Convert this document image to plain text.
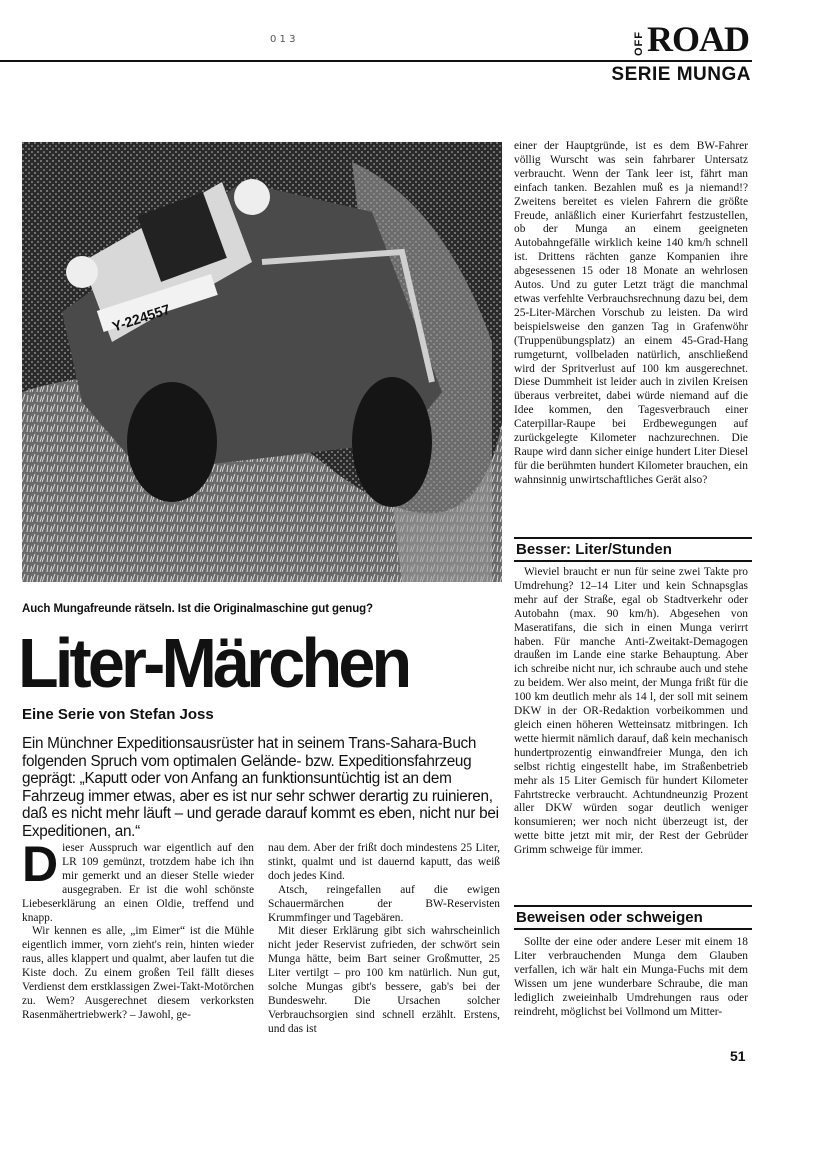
0 1 3	OFF ROAD
SERIE MUNGA
Y-224557
Auch Mungafreunde rätseln. Ist die Originalmaschine gut genug?
Liter-Märchen
Eine Serie von Stefan Joss
Ein Münchner Expeditionsausrüster hat in seinem Trans-Sahara-Buch folgenden Spruch vom optimalen Gelände- bzw. Expeditionsfahrzeug geprägt: „Kaputt oder von Anfang an funktionsuntüchtig ist an dem Fahrzeug immer etwas, aber es ist nur sehr schwer derartig zu ruinieren, daß es nicht mehr läuft – und gerade darauf kommt es eben, nicht nur bei Expeditionen, an.“

Dieser Ausspruch war eigentlich auf den LR 109 gemünzt, trotzdem habe ich ihn mir gemerkt und an dieser Stelle wieder ausgegraben. Er ist die wohl schönste Liebeserklärung an einen Oldie, treffend und knapp.

Wir kennen es alle, „im Eimer“ ist die Mühle eigentlich immer, vorn zieht's rein, hinten wieder raus, alles klappert und qualmt, aber laufen tut die Kiste doch. Zu einem großen Teil fällt dieses Verdienst dem erstklassigen Zwei-Takt-Motörchen zu. Wem? Ausgerechnet diesem verkorksten Rasenmähertriebwerk? – Jawohl, ge-

nau dem. Aber der frißt doch mindestens 25 Liter, stinkt, qualmt und ist dauernd kaputt, das weiß doch jedes Kind.

Atsch, reingefallen auf die ewigen Schauermärchen der BW-Reservisten Krummfinger und Tagebären.

Mit dieser Erklärung gibt sich wahrscheinlich nicht jeder Reservist zufrieden, der schwört sein Munga hätte, beim Bart seiner Großmutter, 25 Liter vertilgt – pro 100 km natürlich. Nun gut, solche Mungas gibt's bessere, gab's bei der Bundeswehr. Die Ursachen solcher Verbrauchsorgien sind schnell erzählt. Erstens, und das ist

einer der Hauptgründe, ist es dem BW-Fahrer völlig Wurscht was sein fahrbarer Untersatz verbraucht. Wenn der Tank leer ist, fährt man einfach tanken. Bezahlen muß es ja niemand!? Zweitens bereitet es vielen Fahrern die größte Freude, anläßlich einer Kurierfahrt festzustellen, ob der Munga an einem geeigneten Autobahngefälle wirklich keine 140 km/h schnell ist. Drittens rächten ganze Kompanien ihre abgesessenen 15 oder 18 Monate an wehrlosen Autos. Und zu guter Letzt trägt die manchmal etwas verfehlte Verbrauchsrechnung dazu bei, dem 25-Liter-Märchen Vorschub zu leisten. Da wird beispielsweise den ganzen Tag in Grafenwöhr (Truppenübungsplatz) an einem 45-Grad-Hang rumgeturnt, vollbeladen natürlich, anschließend wird der Spritverlust auf 100 km ausgerechnet. Diese Dummheit ist leider auch in zivilen Kreisen überaus verbreitet, dabei würde niemand auf die Idee kommen, den Tagesverbrauch einer Caterpillar-Raupe bei Erdbewegungen auf zurückgelegte Kilometer nachzurechnen. Die Raupe wird dann sicher einige hundert Liter Diesel für die berühmten hundert Kilometer brauchen, ein wahnsinnig unwirtschaftliches Gerät also?

Besser: Liter/Stunden

Wieviel braucht er nun für seine zwei Takte pro Umdrehung? 12–14 Liter und kein Schnapsglas mehr auf der Straße, egal ob Stadtverkehr oder Autobahn (max. 90 km/h). Abgesehen von Maseratifans, die sich in einen Munga verirrt haben. Für manche Anti-Zweitakt-Demagogen draußen im Lande eine starke Behauptung. Aber ich schreibe nicht nur, ich schraube auch und stehe zu beidem. Wer also meint, der Munga frißt für die 100 km deutlich mehr als 14 l, der soll mit seinem DKW in der OR-Redaktion vorbeikommen und gleich einen höheren Wetteinsatz mitbringen. Ich wette hiermit nämlich darauf, daß kein mechanisch hundertprozentig einwandfreier Munga, den ich selbst richtig eingestellt habe, im Straßenbetrieb mehr als 15 Liter Gemisch für hundert Kilometer Fahrtstrecke verbraucht. Achtundneunzig Prozent aller DKW würden sogar deutlich weniger konsumieren; wer noch nicht überzeugt ist, der wette bitte jetzt mit mir, der Rest der Gebrüder Grimm schweige für immer.

Beweisen oder schweigen

Sollte der eine oder andere Leser mit einem 18 Liter verbrauchenden Munga dem Glauben verfallen, ich wär halt ein Munga-Fuchs mit dem Wissen um jene wunderbare Schraube, die man lediglich zweieinhalb Umdrehungen raus oder reindreht, möglichst bei Vollmond um Mitter-

51
